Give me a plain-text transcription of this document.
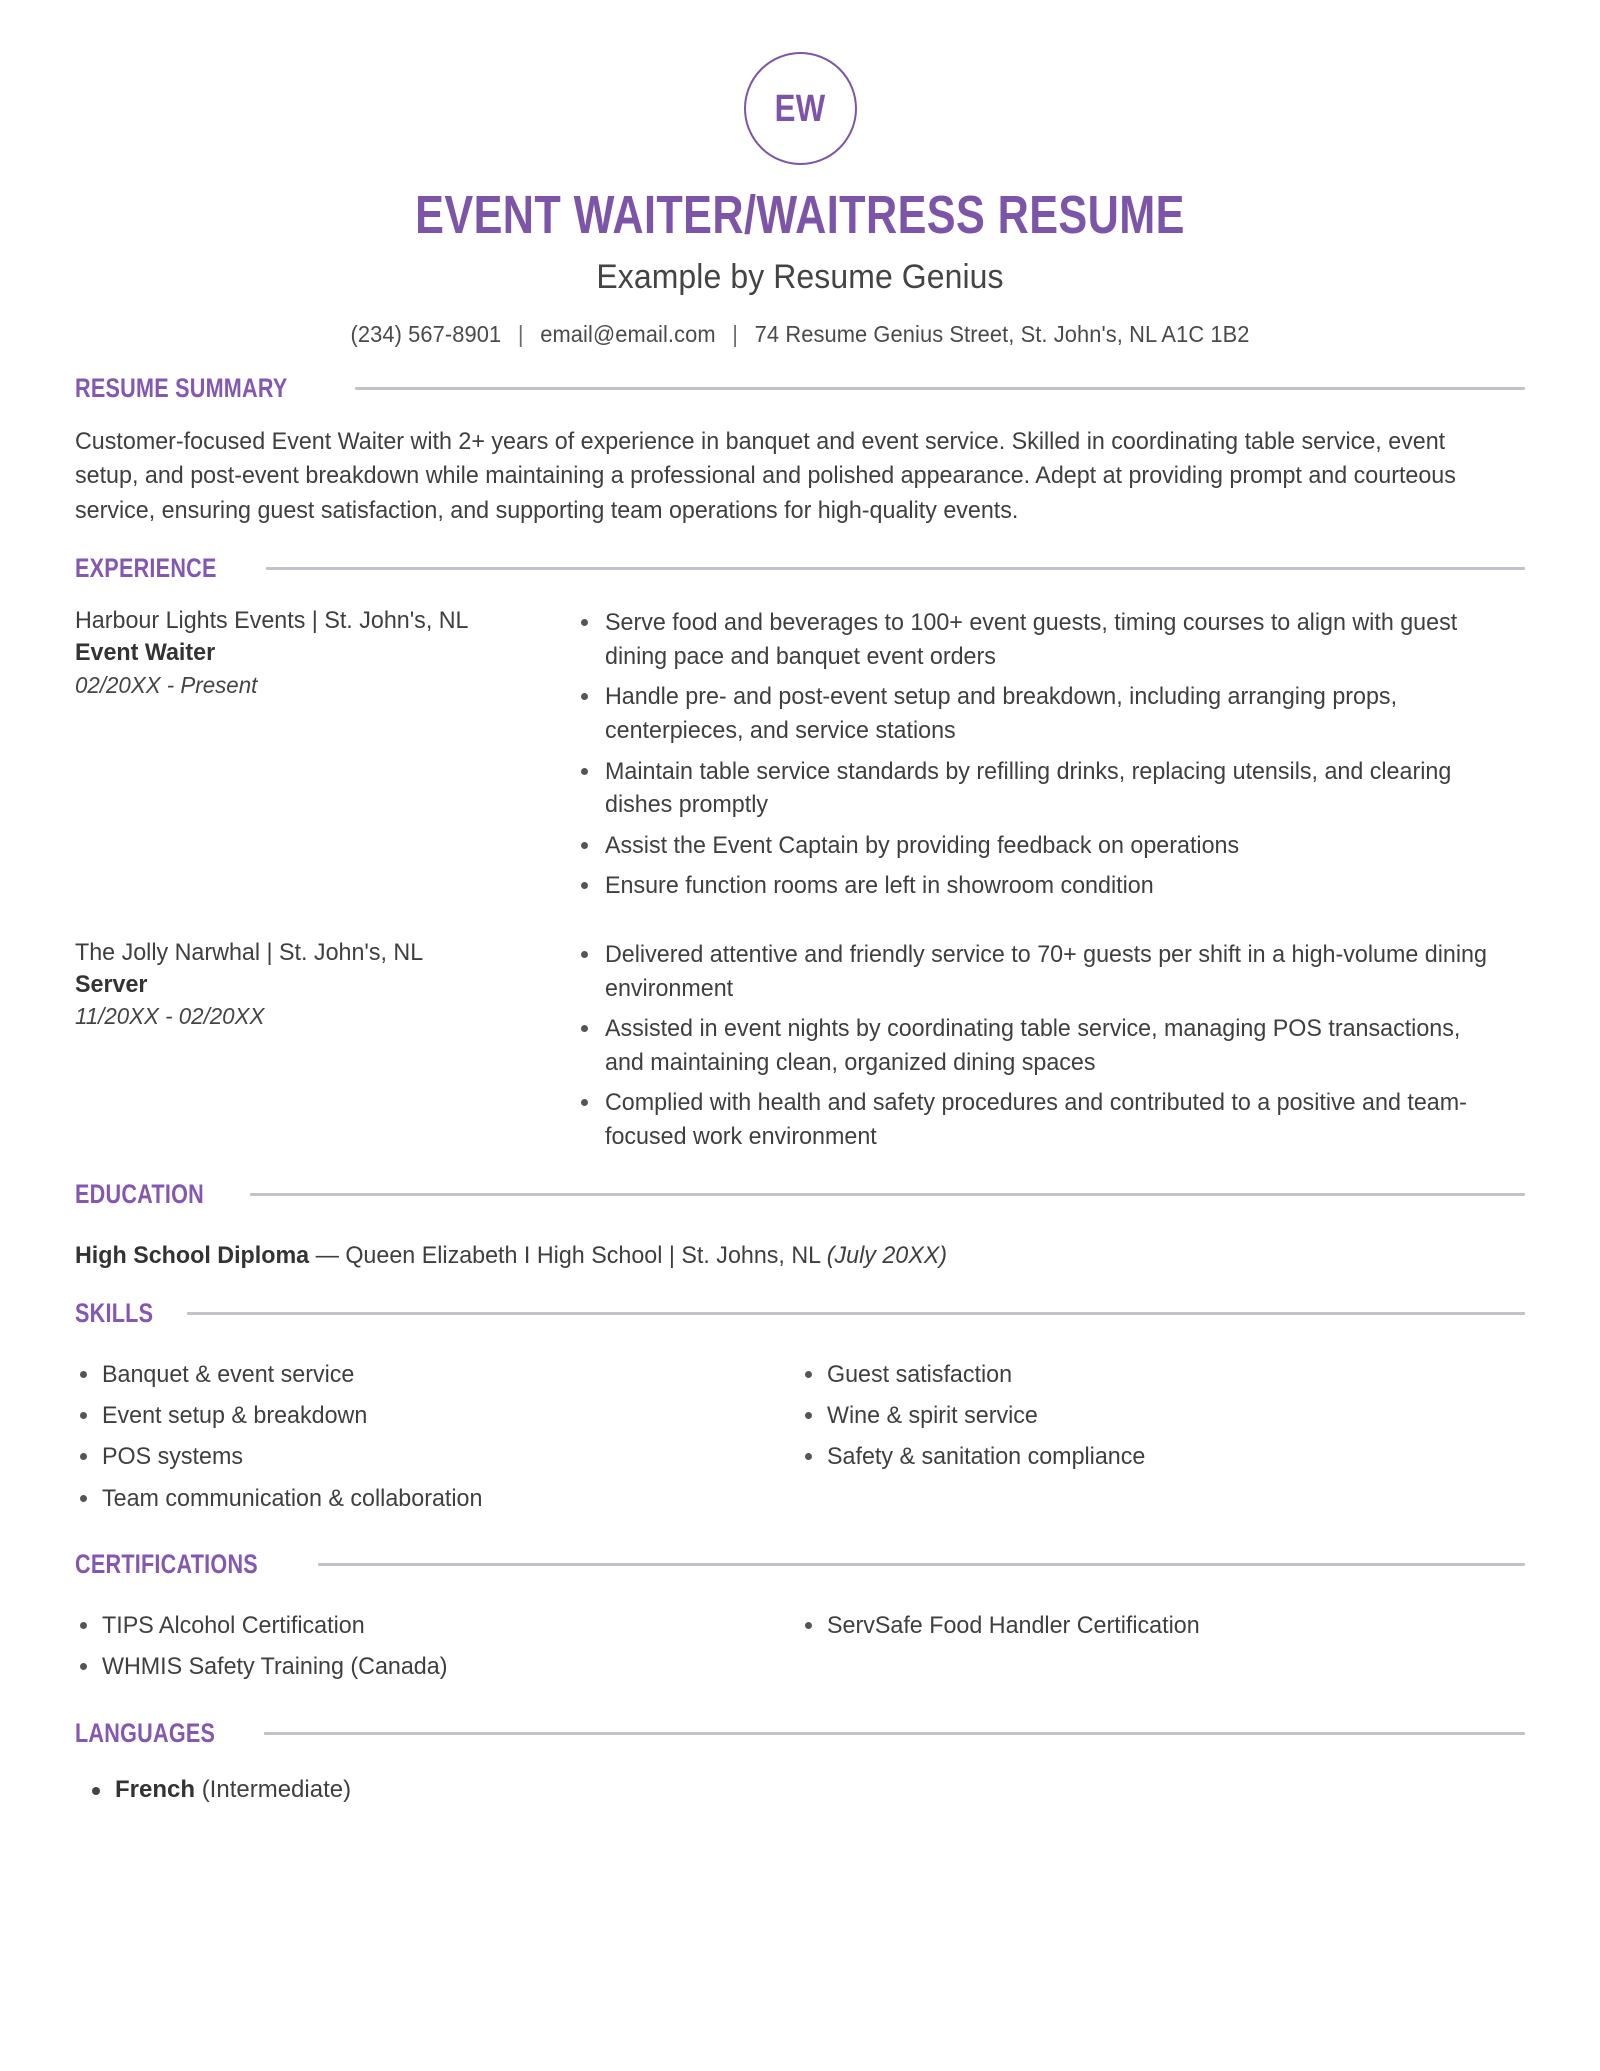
EW
EVENT WAITER/WAITRESS RESUME
Example by Resume Genius
(234) 567-8901 | email@email.com | 74 Resume Genius Street, St. John's, NL A1C 1B2
RESUME SUMMARY

Customer-focused Event Waiter with 2+ years of experience in banquet and event service. Skilled in coordinating table service, event setup, and post-event breakdown while maintaining a professional and polished appearance. Adept at providing prompt and courteous service, ensuring guest satisfaction, and supporting team operations for high-quality events.

EXPERIENCE
Harbour Lights Events | St. John's, NL
Event Waiter
02/20XX - Present
Serve food and beverages to 100+ event guests, timing courses to align with guest dining pace and banquet event orders
Handle pre- and post-event setup and breakdown, including arranging props, centerpieces, and service stations
Maintain table service standards by refilling drinks, replacing utensils, and clearing dishes promptly
Assist the Event Captain by providing feedback on operations
Ensure function rooms are left in showroom condition
The Jolly Narwhal | St. John's, NL
Server
11/20XX - 02/20XX
Delivered attentive and friendly service to 70+ guests per shift in a high-volume dining environment
Assisted in event nights by coordinating table service, managing POS transactions, and maintaining clean, organized dining spaces
Complied with health and safety procedures and contributed to a positive and team-focused work environment
EDUCATION
High School Diploma — Queen Elizabeth I High School | St. Johns, NL (July 20XX)
SKILLS
Banquet & event service
Event setup & breakdown
POS systems
Team communication & collaboration
Guest satisfaction
Wine & spirit service
Safety & sanitation compliance
CERTIFICATIONS
TIPS Alcohol Certification
WHMIS Safety Training (Canada)
ServSafe Food Handler Certification
LANGUAGES
French (Intermediate)
